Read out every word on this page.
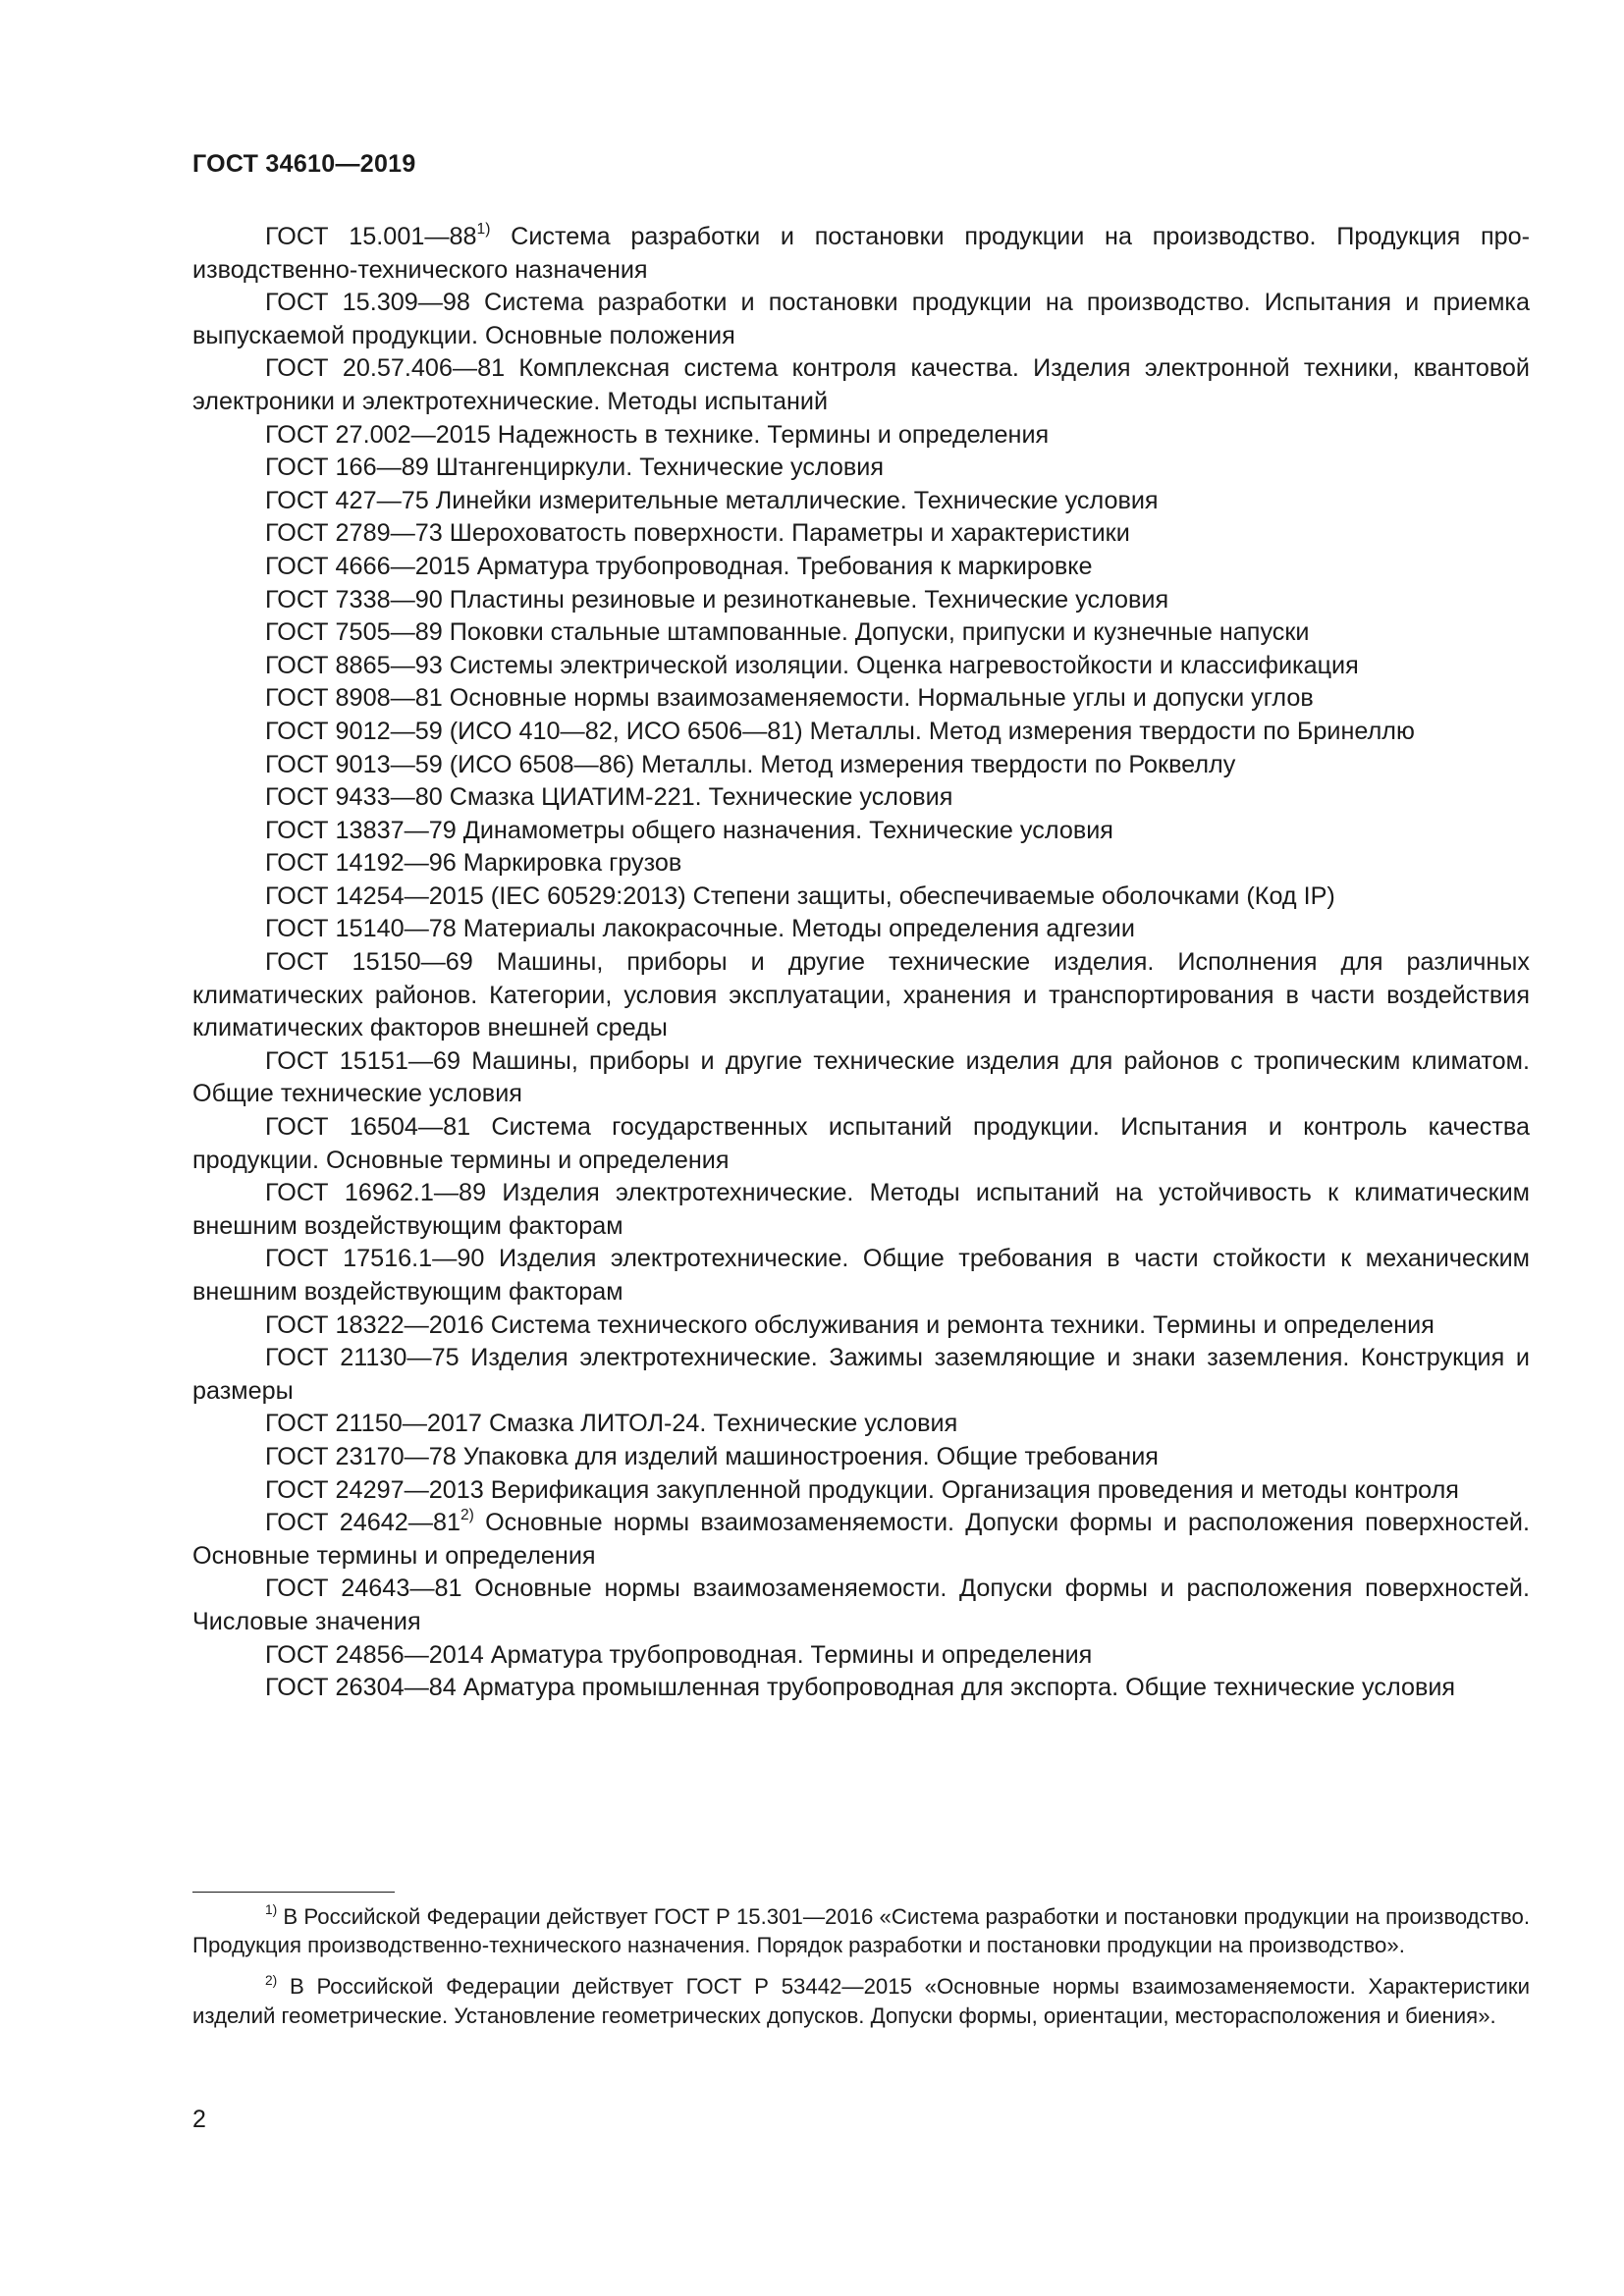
ГОСТ 34610—2019

ГОСТ 15.001—88$^{1)}$ Система разработки и постановки продукции на производство. Продукция производственно-технического назначения

ГОСТ 15.309—98 Система разработки и постановки продукции на производство. Испытания и приемка выпускаемой продукции. Основные положения

ГОСТ 20.57.406—81 Комплексная система контроля качества. Изделия электронной техники, квантовой электроники и электротехнические. Методы испытаний

ГОСТ 27.002—2015 Надежность в технике. Термины и определения

ГОСТ 166—89 Штангенциркули. Технические условия

ГОСТ 427—75 Линейки измерительные металлические. Технические условия

ГОСТ 2789—73 Шероховатость поверхности. Параметры и характеристики

ГОСТ 4666—2015 Арматура трубопроводная. Требования к маркировке

ГОСТ 7338—90 Пластины резиновые и резинотканевые. Технические условия

ГОСТ 7505—89 Поковки стальные штампованные. Допуски, припуски и кузнечные напуски

ГОСТ 8865—93 Системы электрической изоляции. Оценка нагревостойкости и классификация

ГОСТ 8908—81 Основные нормы взаимозаменяемости. Нормальные углы и допуски углов

ГОСТ 9012—59 (ИСО 410—82, ИСО 6506—81) Металлы. Метод измерения твердости по Бринеллю

ГОСТ 9013—59 (ИСО 6508—86) Металлы. Метод измерения твердости по Роквеллу

ГОСТ 9433—80 Смазка ЦИАТИМ-221. Технические условия

ГОСТ 13837—79 Динамометры общего назначения. Технические условия

ГОСТ 14192—96 Маркировка грузов

ГОСТ 14254—2015 (IEC 60529:2013) Степени защиты, обеспечиваемые оболочками (Код IP)

ГОСТ 15140—78 Материалы лакокрасочные. Методы определения адгезии

ГОСТ 15150—69 Машины, приборы и другие технические изделия. Исполнения для различных климатических районов. Категории, условия эксплуатации, хранения и транспортирования в части воздействия климатических факторов внешней среды

ГОСТ 15151—69 Машины, приборы и другие технические изделия для районов с тропическим климатом. Общие технические условия

ГОСТ 16504—81 Система государственных испытаний продукции. Испытания и контроль качества продукции. Основные термины и определения

ГОСТ 16962.1—89 Изделия электротехнические. Методы испытаний на устойчивость к климатическим внешним воздействующим факторам

ГОСТ 17516.1—90 Изделия электротехнические. Общие требования в части стойкости к механическим внешним воздействующим факторам

ГОСТ 18322—2016 Система технического обслуживания и ремонта техники. Термины и определения

ГОСТ 21130—75 Изделия электротехнические. Зажимы заземляющие и знаки заземления. Конструкция и размеры

ГОСТ 21150—2017 Смазка ЛИТОЛ-24. Технические условия

ГОСТ 23170—78 Упаковка для изделий машиностроения. Общие требования

ГОСТ 24297—2013 Верификация закупленной продукции. Организация проведения и методы контроля

ГОСТ 24642—81$^{2)}$ Основные нормы взаимозаменяемости. Допуски формы и расположения поверхностей. Основные термины и определения

ГОСТ 24643—81 Основные нормы взаимозаменяемости. Допуски формы и расположения поверхностей. Числовые значения

ГОСТ 24856—2014 Арматура трубопроводная. Термины и определения

ГОСТ 26304—84 Арматура промышленная трубопроводная для экспорта. Общие технические условия

$^{1)}$ В Российской Федерации действует ГОСТ Р 15.301—2016 «Система разработки и постановки продукции на производство. Продукция производственно-технического назначения. Порядок разработки и постановки продукции на производство».

$^{2)}$ В Российской Федерации действует ГОСТ Р 53442—2015 «Основные нормы взаимозаменяемости. Характеристики изделий геометрические. Установление геометрических допусков. Допуски формы, ориентации, месторасположения и биения».

2
